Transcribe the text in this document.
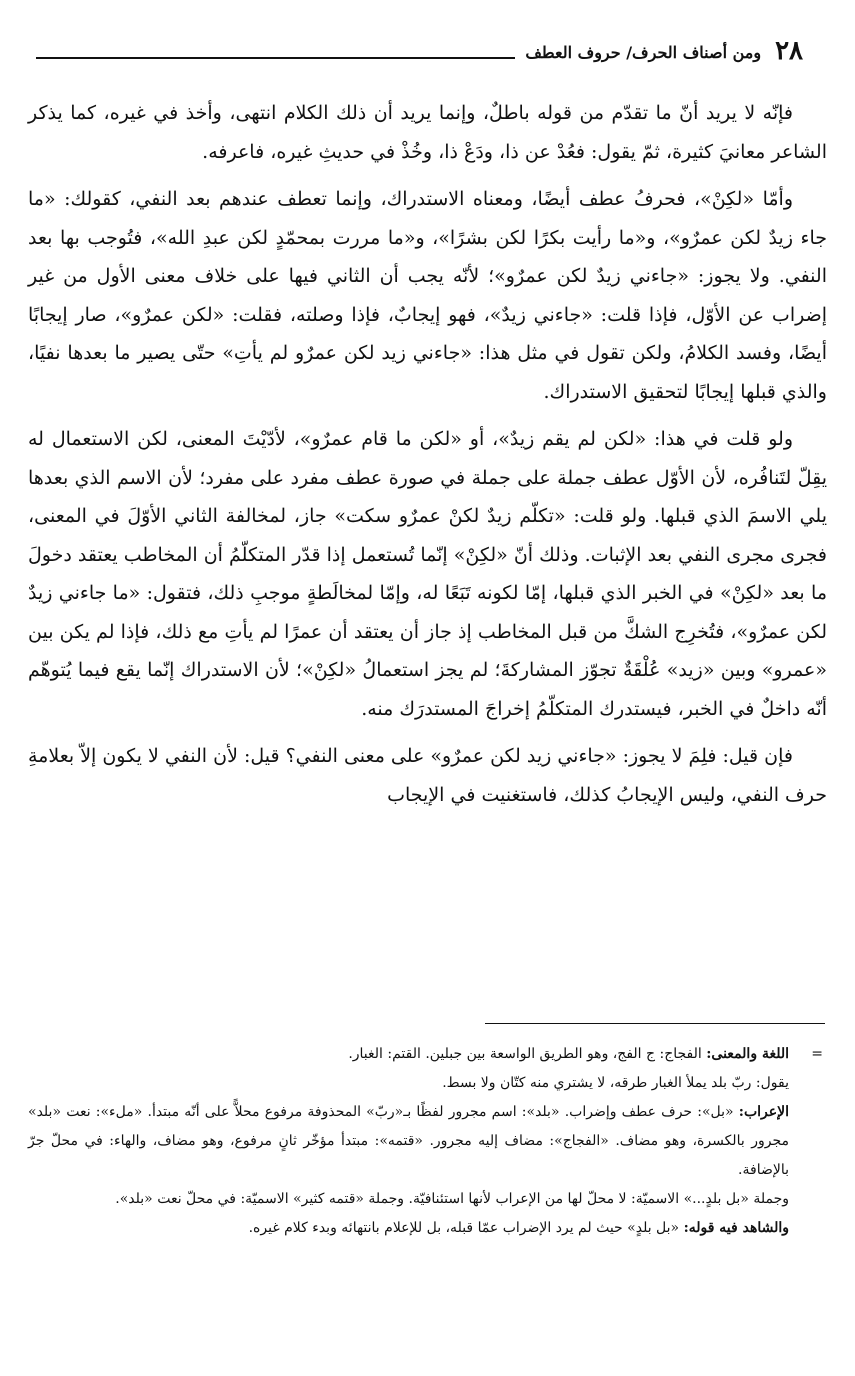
٢٨
ومن أصناف الحرف/ حروف العطف

فإنّه لا يريد أنّ ما تقدّم من قوله باطلٌ، وإنما يريد أن ذلك الكلام انتهى، وأخذ في غيره، كما يذكر الشاعر معانيَ كثيرة، ثمّ يقول: فعُدْ عن ذا، ودَعْ ذا، وخُذْ في حديثِ غيره، فاعرفه.

وأمّا «لكِنْ»، فحرفُ عطف أيضًا، ومعناه الاستدراك، وإنما تعطف عندهم بعد النفي، كقولك: «ما جاء زيدٌ لكن عمرٌو»، و«ما رأيت بكرًا لكن بشرًا»، و«ما مررت بمحمّدٍ لكن عبدِ الله»، فتُوجب بها بعد النفي. ولا يجوز: «جاءني زيدٌ لكن عمرٌو»؛ لأنّه يجب أن الثاني فيها على خلاف معنى الأول من غير إضراب عن الأوّل، فإذا قلت: «جاءني زيدٌ»، فهو إيجابٌ، فإذا وصلته، فقلت: «لكن عمرٌو»، صار إيجابًا أيضًا، وفسد الكلامُ، ولكن تقول في مثل هذا: «جاءني زيد لكن عمرٌو لم يأتِ» حتّى يصير ما بعدها نفيًا، والذي قبلها إيجابًا لتحقيق الاستدراك.

ولو قلت في هذا: «لكن لم يقم زيدٌ»، أو «لكن ما قام عمرٌو»، لأدّيْتَ المعنى، لكن الاستعمال له يقِلّ لتَنافُره، لأن الأوّل عطف جملة على جملة في صورة عطف مفرد على مفرد؛ لأن الاسم الذي بعدها يلي الاسمَ الذي قبلها. ولو قلت: «تكلّم زيدٌ لكنْ عمرٌو سكت» جاز، لمخالفة الثاني الأوّلَ في المعنى، فجرى مجرى النفي بعد الإثبات. وذلك أنّ «لكِنْ» إنّما تُستعمل إذا قدّر المتكلّمُ أن المخاطب يعتقد دخولَ ما بعد «لكِنْ» في الخبر الذي قبلها، إمّا لكونه تَبَعًا له، وإمّا لمخالَطةٍ موجبِ ذلك، فتقول: «ما جاءني زيدٌ لكن عمرٌو»، فتُخرِج الشكَّ من قبل المخاطب إذ جاز أن يعتقد أن عمرًا لم يأتِ مع ذلك، فإذا لم يكن بين «عمرو» وبين «زيد» عُلْقَةٌ تجوّز المشاركةَ؛ لم يجز استعمالُ «لكِنْ»؛ لأن الاستدراك إنّما يقع فيما يُتوهّم أنّه داخلٌ في الخبر، فيستدرك المتكلّمُ إخراجَ المستدرَك منه.

فإن قيل: فلِمَ لا يجوز: «جاءني زيد لكن عمرٌو» على معنى النفي؟ قيل: لأن النفي لا يكون إلاّ بعلامةِ حرف النفي، وليس الإيجابُ كذلك، فاستغنيت في الإيجاب

=

اللغة والمعنى: الفجاج: ج الفج، وهو الطريق الواسعة بين جبلين. القتم: الغبار.

يقول: ربّ بلد يملأ الغبار طرقه، لا يشتري منه كتّان ولا بسط.

الإعراب: «بل»: حرف عطف وإضراب. «بلد»: اسم مجرور لفظًا بـ«ربّ» المحذوفة مرفوع محلاًّ على أنّه مبتدأ. «ملء»: نعت «بلد» مجرور بالكسرة، وهو مضاف. «الفجاج»: مضاف إليه مجرور. «قتمه»: مبتدأ مؤخّر ثانٍ مرفوع، وهو مضاف، والهاء: في محلّ جرّ بالإضافة.

وجملة «بل بلدٍ...» الاسميّة: لا محلّ لها من الإعراب لأنها استئنافيّة. وجملة «قتمه كثير» الاسميّة: في محلّ نعت «بلد».

والشاهد فيه قوله: «بل بلدٍ» حيث لم يرد الإضراب عمّا قبله، بل للإعلام بانتهائه وبدء كلام غيره.
